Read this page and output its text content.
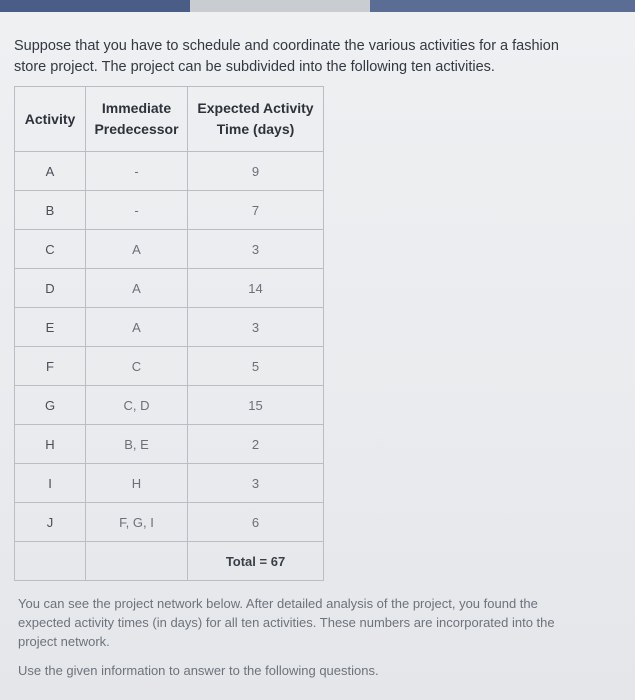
Suppose that you have to schedule and coordinate the various activities for a fashion store project. The project can be subdivided into the following ten activities.
Activity	Immediate Predecessor	Expected Activity Time (days)
A	-	9
B	-	7
C	A	3
D	A	14
E	A	3
F	C	5
G	C, D	15
H	B, E	2
I	H	3
J	F, G, I	6
		Total = 67

You can see the project network below. After detailed analysis of the project, you found the expected activity times (in days) for all ten activities. These numbers are incorporated into the project network.

Use the given information to answer to the following questions.
